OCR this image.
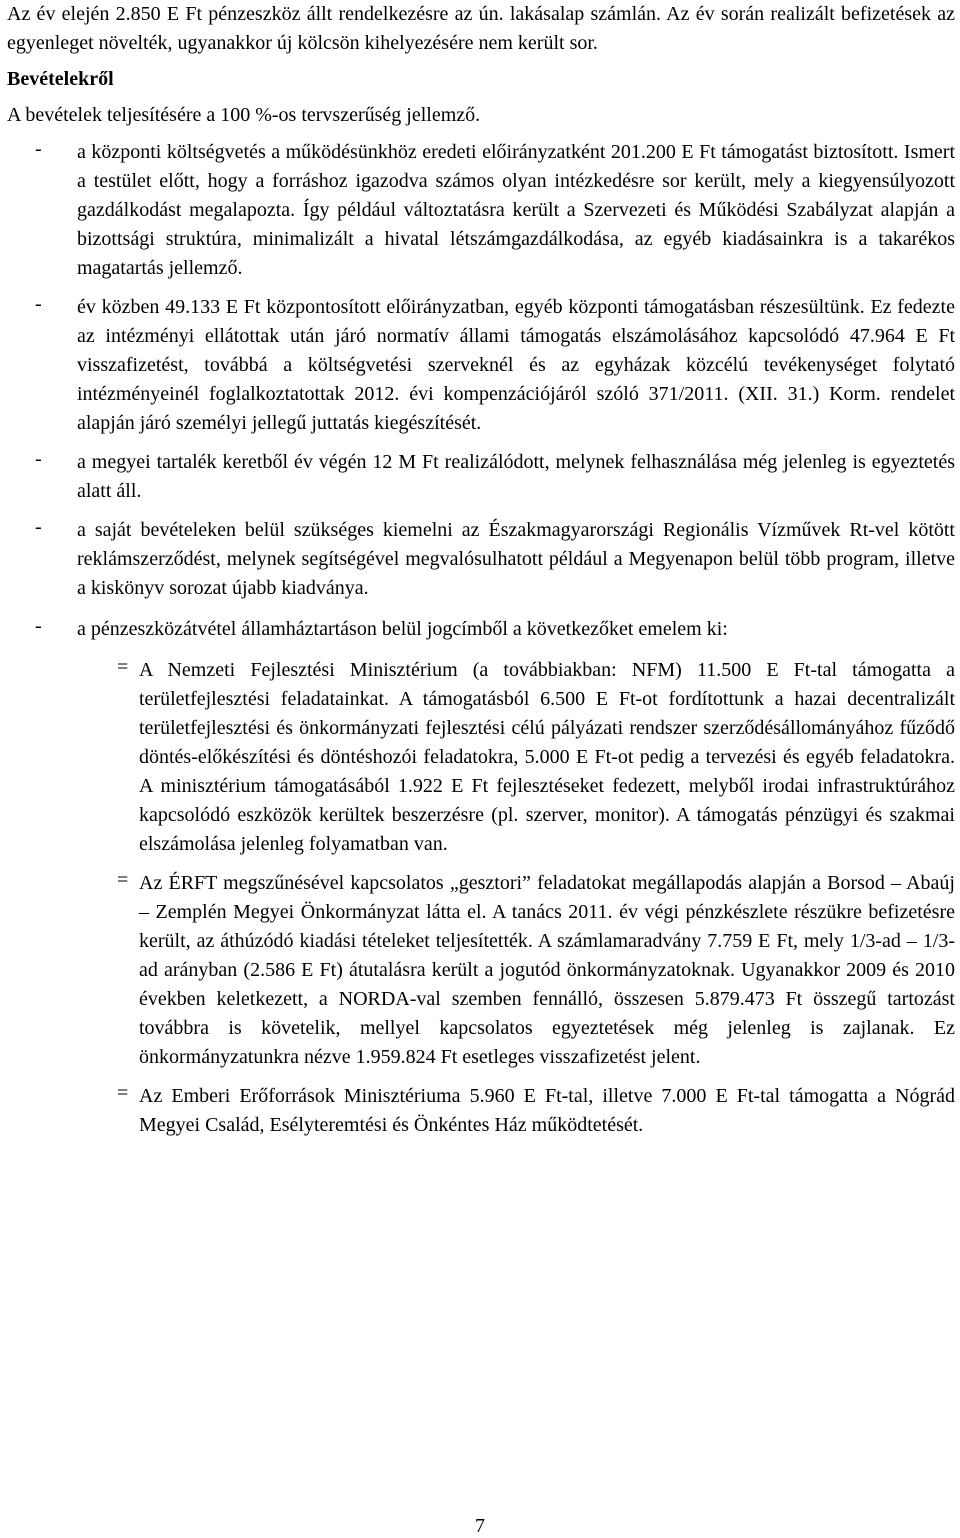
Az év elején 2.850 E Ft pénzeszköz állt rendelkezésre az ún. lakásalap számlán. Az év során realizált befizetések az egyenleget növelték, ugyanakkor új kölcsön kihelyezésére nem került sor.

Bevételekről

A bevételek teljesítésére a 100 %-os tervszerűség jellemző.

- a központi költségvetés a működésünkhöz eredeti előirányzatként 201.200 E Ft támogatást biztosított. Ismert a testület előtt, hogy a forráshoz igazodva számos olyan intézkedésre sor került, mely a kiegyensúlyozott gazdálkodást megalapozta. Így például változtatásra került a Szervezeti és Működési Szabályzat alapján a bizottsági struktúra, minimalizált a hivatal létszámgazdálkodása, az egyéb kiadásainkra is a takarékos magatartás jellemző.

- év közben 49.133 E Ft központosított előirányzatban, egyéb központi támogatásban részesültünk. Ez fedezte az intézményi ellátottak után járó normatív állami támogatás elszámolásához kapcsolódó 47.964 E Ft visszafizetést, továbbá a költségvetési szerveknél és az egyházak közcélú tevékenységet folytató intézményeinél foglalkoztatottak 2012. évi kompenzációjáról szóló 371/2011. (XII. 31.) Korm. rendelet alapján járó személyi jellegű juttatás kiegészítését.

- a megyei tartalék keretből év végén 12 M Ft realizálódott, melynek felhasználása még jelenleg is egyeztetés alatt áll.

- a saját bevételeken belül szükséges kiemelni az Északmagyarországi Regionális Vízművek Rt-vel kötött reklámszerződést, melynek segítségével megvalósulhatott például a Megyenapon belül több program, illetve a kiskönyv sorozat újabb kiadványa.

- a pénzeszközátvétel államháztartáson belül jogcímből a következőket emelem ki:

= A Nemzeti Fejlesztési Minisztérium (a továbbiakban: NFM) 11.500 E Ft-tal támogatta a területfejlesztési feladatainkat. A támogatásból 6.500 E Ft-ot fordítottunk a hazai decentralizált területfejlesztési és önkormányzati fejlesztési célú pályázati rendszer szerződésállományához fűződő döntés-előkészítési és döntéshozói feladatokra, 5.000 E Ft-ot pedig a tervezési és egyéb feladatokra. A minisztérium támogatásából 1.922 E Ft fejlesztéseket fedezett, melyből irodai infrastruktúrához kapcsolódó eszközök kerültek beszerzésre (pl. szerver, monitor). A támogatás pénzügyi és szakmai elszámolása jelenleg folyamatban van.

= Az ÉRFT megszűnésével kapcsolatos „gesztori” feladatokat megállapodás alapján a Borsod – Abaúj – Zemplén Megyei Önkormányzat látta el. A tanács 2011. év végi pénzkészlete részükre befizetésre került, az áthúzódó kiadási tételeket teljesítették. A számlamaradvány 7.759 E Ft, mely 1/3-ad – 1/3-ad arányban (2.586 E Ft) átutalásra került a jogutód önkormányzatoknak. Ugyanakkor 2009 és 2010 években keletkezett, a NORDA-val szemben fennálló, összesen 5.879.473 Ft összegű tartozást továbbra is követelik, mellyel kapcsolatos egyeztetések még jelenleg is zajlanak. Ez önkormányzatunkra nézve 1.959.824 Ft esetleges visszafizetést jelent.

= Az Emberi Erőforrások Minisztériuma 5.960 E Ft-tal, illetve 7.000 E Ft-tal támogatta a Nógrád Megyei Család, Esélyteremtési és Önkéntes Ház működtetését.

7
